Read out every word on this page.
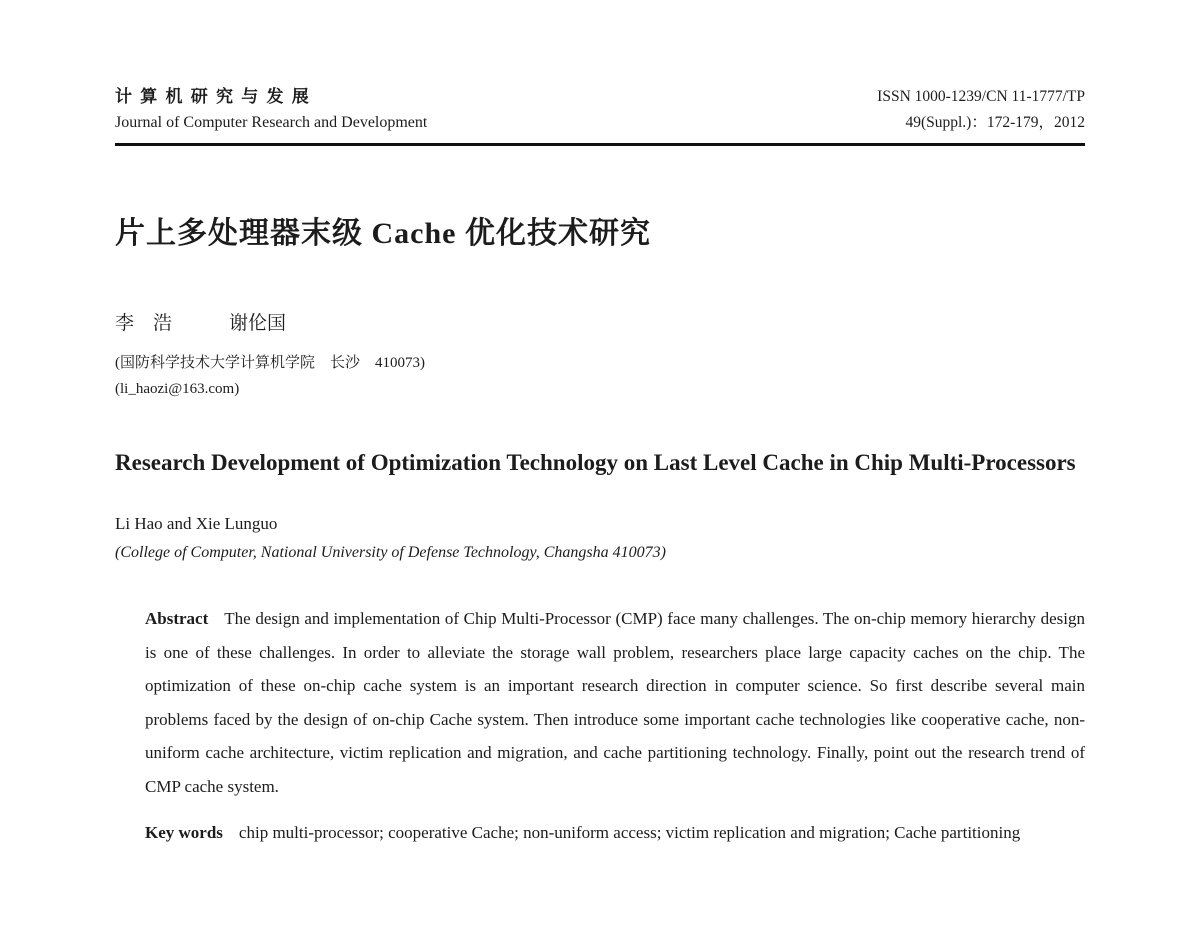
计 算 机 研 究 与 发 展
Journal of Computer Research and Development
ISSN 1000-1239/CN 11-1777/TP
49(Suppl.)：172-179，2012
片上多处理器末级 Cache 优化技术研究
李　浩　　　谢伦国
(国防科学技术大学计算机学院　长沙　410073)
(li_haozi@163.com)
Research Development of Optimization Technology on Last Level Cache in Chip Multi-Processors
Li Hao and Xie Lunguo
(College of Computer, National University of Defense Technology, Changsha 410073)

Abstract The design and implementation of Chip Multi-Processor (CMP) face many challenges. The on-chip memory hierarchy design is one of these challenges. In order to alleviate the storage wall problem, researchers place large capacity caches on the chip. The optimization of these on-chip cache system is an important research direction in computer science. So first describe several main problems faced by the design of on-chip Cache system. Then introduce some important cache technologies like cooperative cache, non-uniform cache architecture, victim replication and migration, and cache partitioning technology. Finally, point out the research trend of CMP cache system.

Key words chip multi-processor; cooperative Cache; non-uniform access; victim replication and migration; Cache partitioning
